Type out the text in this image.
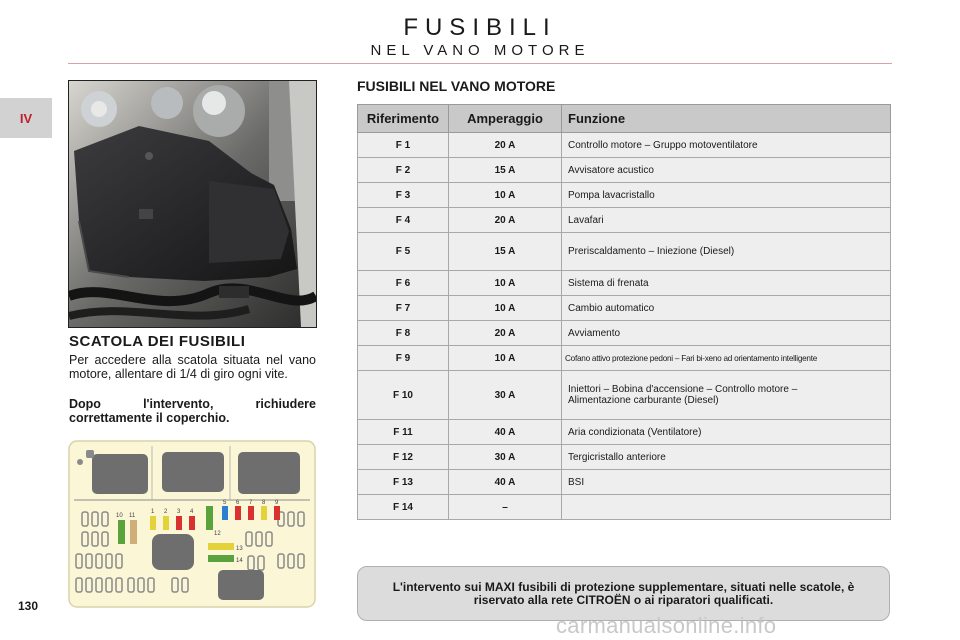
FUSIBILI
NEL VANO MOTORE
IV
130
SCATOLA DEI FUSIBILI
Per accedere alla scatola situata nel vano motore, allentare di 1/4 di giro ogni vite.
Dopo l'intervento, richiudere correttamente il coperchio.
10 11
1 2 3 4
5 6 7 8 9
12
13
14
FUSIBILI NEL VANO MOTORE
Riferimento	Amperaggio	Funzione
F 1	20 A	Controllo motore – Gruppo motoventilatore
F 2	15 A	Avvisatore acustico
F 3	10 A	Pompa lavacristallo
F 4	20 A	Lavafari
F 5	15 A	Preriscaldamento – Iniezione (Diesel)
F 6	10 A	Sistema di frenata
F 7	10 A	Cambio automatico
F 8	20 A	Avviamento
F 9	10 A	Cofano attivo protezione pedoni – Fari bi-xeno ad orientamento intelligente
F 10	30 A	Iniettori – Bobina d'accensione – Controllo motore –
Alimentazione carburante (Diesel)

F 11	40 A	Aria condizionata (Ventilatore)
F 12	30 A	Tergicristallo anteriore
F 13	40 A	BSI
F 14	–	
L'intervento sui MAXI fusibili di protezione supplementare, situati nelle scatole, è riservato alla rete CITROËN o ai riparatori qualificati.
carmanualsonline.info
